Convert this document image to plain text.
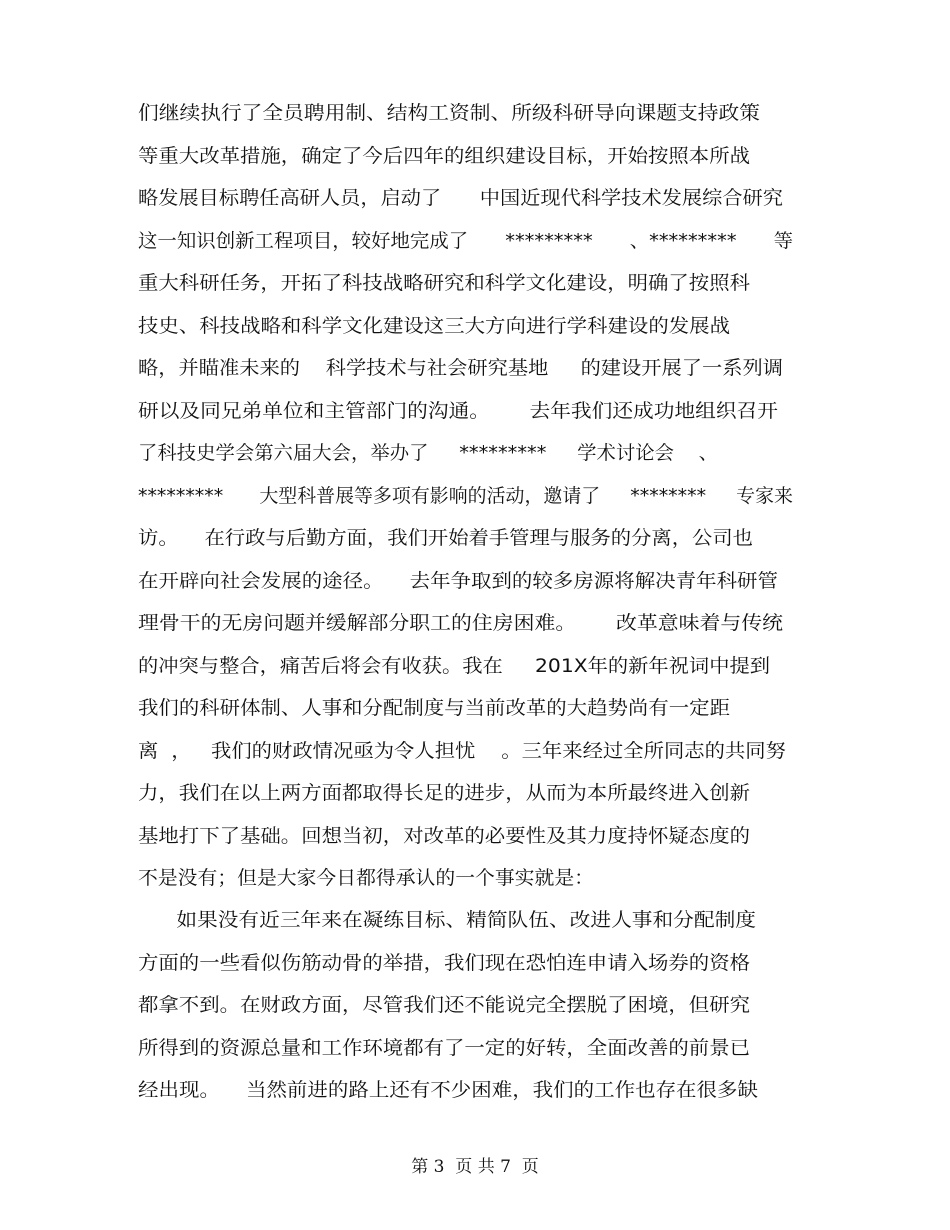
们继续执行了全员聘用制、结构工资制、所级科研导向课题支持政策
等重大改革措施，确定了今后四年的组织建设目标，开始按照本所战
略发展目标聘任高研人员，启动了      中国近现代科学技术发展综合研究
这一知识创新工程项目，较好地完成了      *********      、*********      等
重大科研任务，开拓了科技战略研究和科学文化建设，明确了按照科
技史、科技战略和科学文化建设这三大方向进行学科建设的发展战
略，并瞄准未来的    科学技术与社会研究基地     的建设开展了一系列调
研以及同兄弟单位和主管部门的沟通。      去年我们还成功地组织召开
了科技史学会第六届大会，举办了     *********     学术讨论会    、
*********      大型科普展等多项有影响的活动，邀请了     ********     专家来
访。    在行政与后勤方面，我们开始着手管理与服务的分离，公司也
在开辟向社会发展的途径。    去年争取到的较多房源将解决青年科研管
理骨干的无房问题并缓解部分职工的住房困难。      改革意味着与传统
的冲突与整合，痛苦后将会有收获。我在     201X年的新年祝词中提到
我们的科研体制、人事和分配制度与当前改革的大趋势尚有一定距
离  ，   我们的财政情况亟为令人担忧    。三年来经过全所同志的共同努
力，我们在以上两方面都取得长足的进步，从而为本所最终进入创新
基地打下了基础。回想当初，对改革的必要性及其力度持怀疑态度的
不是没有；但是大家今日都得承认的一个事实就是：
如果没有近三年来在凝练目标、精简队伍、改进人事和分配制度
方面的一些看似伤筋动骨的举措，我们现在恐怕连申请入场券的资格
都拿不到。在财政方面，尽管我们还不能说完全摆脱了困境，但研究
所得到的资源总量和工作环境都有了一定的好转，全面改善的前景已
经出现。    当然前进的路上还有不少困难，我们的工作也存在很多缺
第 3  页 共 7  页
